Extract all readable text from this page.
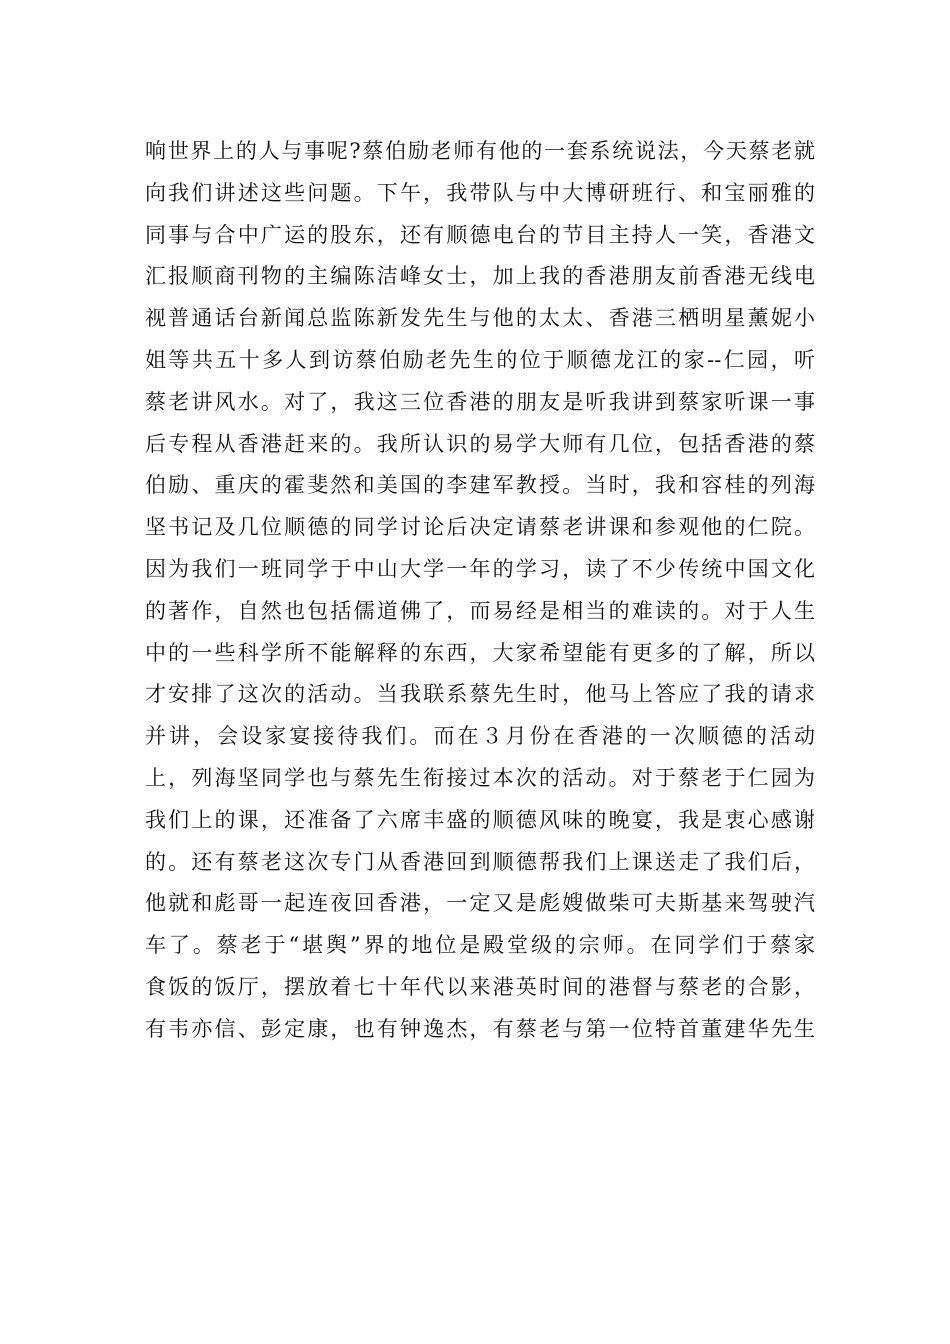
响世界上的人与事呢?蔡伯励老师有他的一套系统说法，今天蔡老就
向我们讲述这些问题。下午，我带队与中大博研班行、和宝丽雅的
同事与合中广运的股东，还有顺德电台的节目主持人一笑，香港文
汇报顺商刊物的主编陈洁峰女士，加上我的香港朋友前香港无线电
视普通话台新闻总监陈新发先生与他的太太、香港三栖明星薰妮小
姐等共五十多人到访蔡伯励老先生的位于顺德龙江的家--仁园，听
蔡老讲风水。对了，我这三位香港的朋友是听我讲到蔡家听课一事
后专程从香港赶来的。我所认识的易学大师有几位，包括香港的蔡
伯励、重庆的霍斐然和美国的李建军教授。当时，我和容桂的列海
坚书记及几位顺德的同学讨论后决定请蔡老讲课和参观他的仁院。
因为我们一班同学于中山大学一年的学习，读了不少传统中国文化
的著作，自然也包括儒道佛了，而易经是相当的难读的。对于人生
中的一些科学所不能解释的东西，大家希望能有更多的了解，所以
才安排了这次的活动。当我联系蔡先生时，他马上答应了我的请求
并讲，会设家宴接待我们。而在３月份在香港的一次顺德的活动
上，列海坚同学也与蔡先生衔接过本次的活动。对于蔡老于仁园为
我们上的课，还准备了六席丰盛的顺德风味的晚宴，我是衷心感谢
的。还有蔡老这次专门从香港回到顺德帮我们上课送走了我们后，
他就和彪哥一起连夜回香港，一定又是彪嫂做柴可夫斯基来驾驶汽
车了。蔡老于“堪舆”界的地位是殿堂级的宗师。在同学们于蔡家
食饭的饭厅，摆放着七十年代以来港英时间的港督与蔡老的合影，
有韦亦信、彭定康，也有钟逸杰，有蔡老与第一位特首董建华先生
